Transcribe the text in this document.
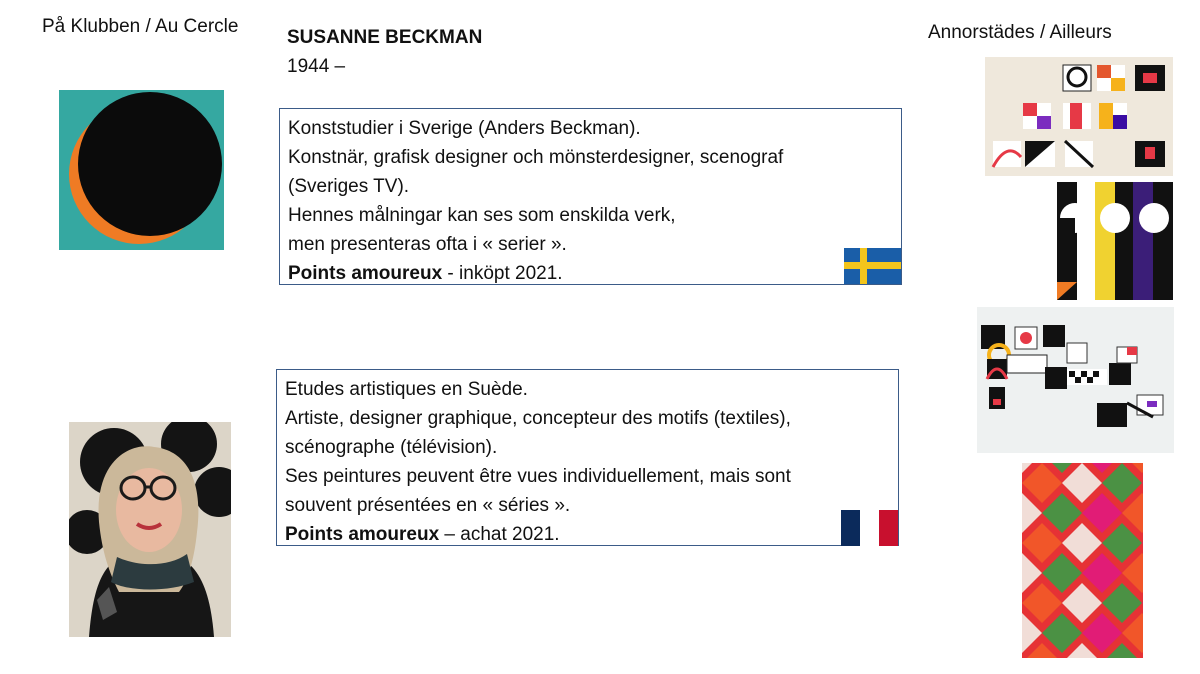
På Klubben / Au Cercle	Annorstädes / Ailleurs
SUSANNE BECKMAN
1944 –
Konststudier i Sverige (Anders Beckman).
Konstnär, grafisk designer och mönsterdesigner, scenograf
(Sveriges TV).
Hennes målningar kan ses som enskilda verk,
men presenteras ofta i « serier ».
Points amoureux - inköpt 2021.
Etudes artistiques en Suède.
Artiste, designer graphique, concepteur des motifs (textiles),
scénographe (télévision).
Ses peintures peuvent être vues individuellement, mais sont
souvent présentées en « séries ».
Points amoureux – achat 2021.
